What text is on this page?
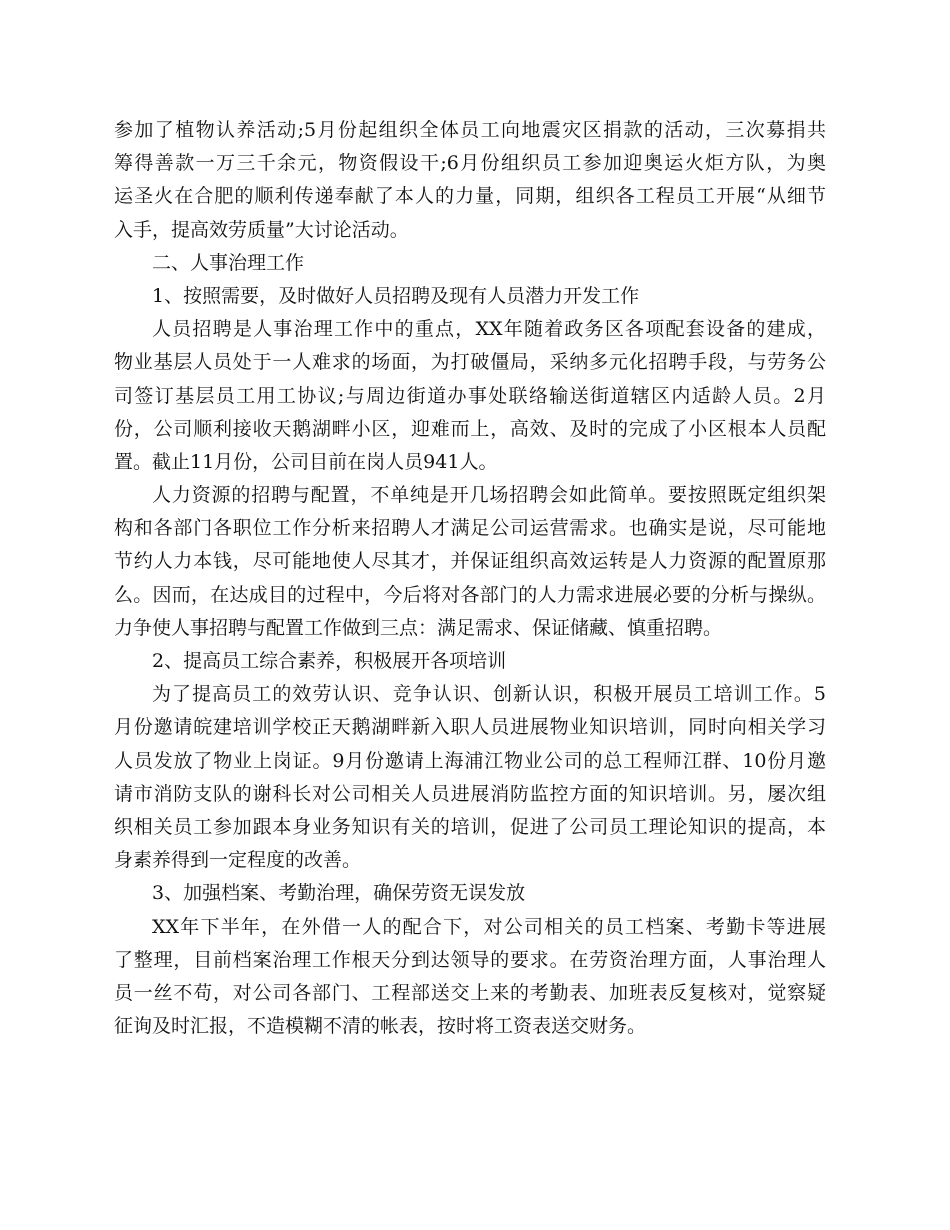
参加了植物认养活动;5月份起组织全体员工向地震灾区捐款的活动，三次募捐共
筹得善款一万三千余元，物资假设干;6月份组织员工参加迎奥运火炬方队，为奥
运圣火在合肥的顺利传递奉献了本人的力量，同期，组织各工程员工开展“从细节
入手，提高效劳质量”大讨论活动。
二、人事治理工作
1、按照需要，及时做好人员招聘及现有人员潜力开发工作
人员招聘是人事治理工作中的重点，XX年随着政务区各项配套设备的建成，
物业基层人员处于一人难求的场面，为打破僵局，采纳多元化招聘手段，与劳务公
司签订基层员工用工协议;与周边街道办事处联络输送街道辖区内适龄人员。2月
份，公司顺利接收天鹅湖畔小区，迎难而上，高效、及时的完成了小区根本人员配
置。截止11月份，公司目前在岗人员941人。
人力资源的招聘与配置，不单纯是开几场招聘会如此简单。要按照既定组织架
构和各部门各职位工作分析来招聘人才满足公司运营需求。也确实是说，尽可能地
节约人力本钱，尽可能地使人尽其才，并保证组织高效运转是人力资源的配置原那
么。因而，在达成目的过程中，今后将对各部门的人力需求进展必要的分析与操纵。
力争使人事招聘与配置工作做到三点：满足需求、保证储藏、慎重招聘。
2、提高员工综合素养，积极展开各项培训
为了提高员工的效劳认识、竞争认识、创新认识，积极开展员工培训工作。5
月份邀请皖建培训学校正天鹅湖畔新入职人员进展物业知识培训，同时向相关学习
人员发放了物业上岗证。9月份邀请上海浦江物业公司的总工程师江群、10份月邀
请市消防支队的谢科长对公司相关人员进展消防监控方面的知识培训。另，屡次组
织相关员工参加跟本身业务知识有关的培训，促进了公司员工理论知识的提高，本
身素养得到一定程度的改善。
3、加强档案、考勤治理，确保劳资无误发放
XX年下半年，在外借一人的配合下，对公司相关的员工档案、考勤卡等进展
了整理，目前档案治理工作根天分到达领导的要求。在劳资治理方面，人事治理人
员一丝不苟，对公司各部门、工程部送交上来的考勤表、加班表反复核对，觉察疑
征询及时汇报，不造模糊不清的帐表，按时将工资表送交财务。
